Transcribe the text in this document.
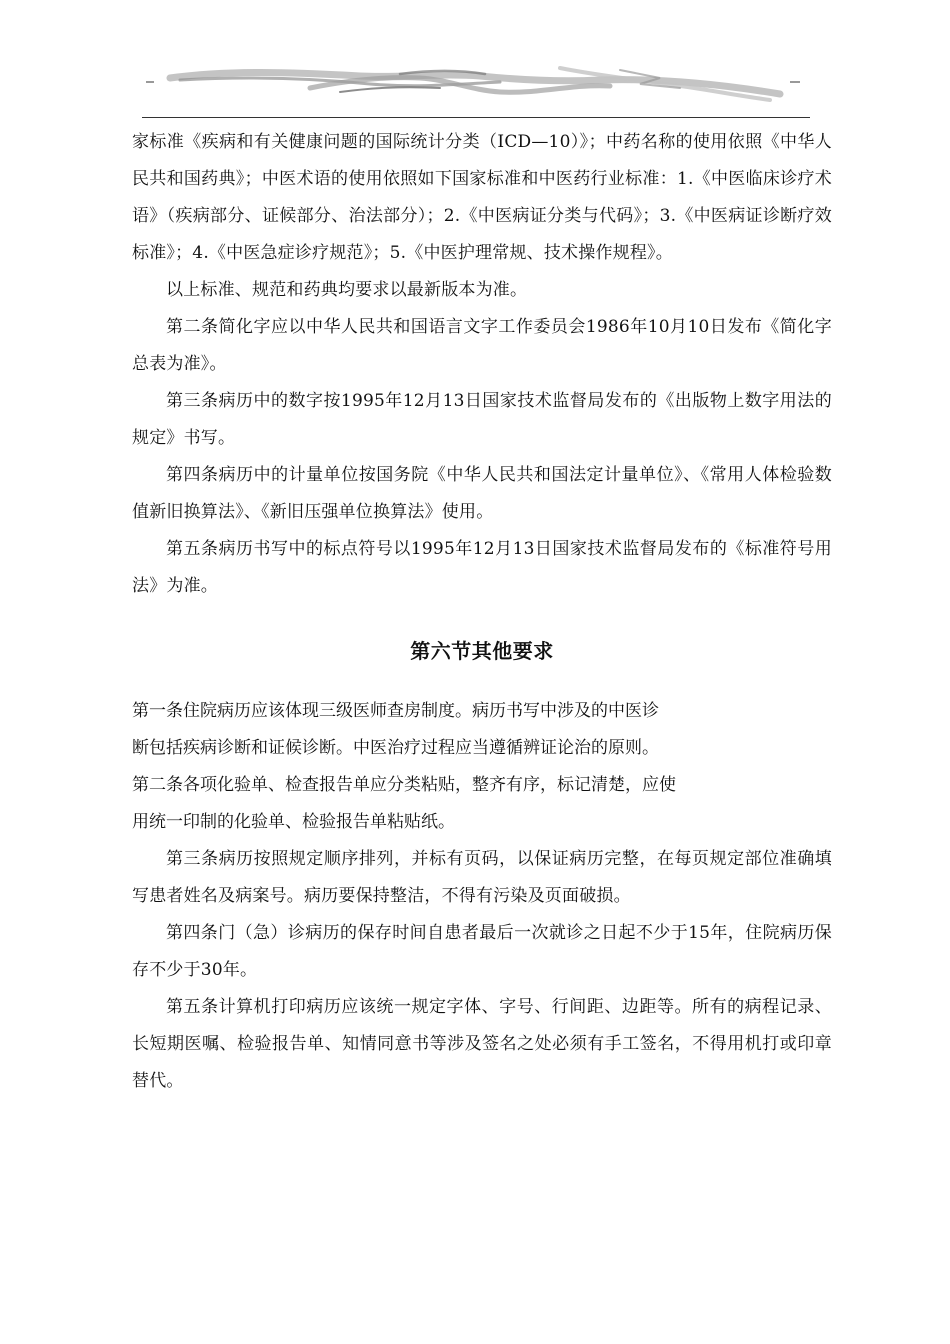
家标准《疾病和有关健康问题的国际统计分类（ICD—10）》；中药名称的使用依照《中华人民共和国药典》；中医术语的使用依照如下国家标准和中医药行业标准：1.《中医临床诊疗术语》（疾病部分、证候部分、治法部分）；2.《中医病证分类与代码》；3.《中医病证诊断疗效标准》；4.《中医急症诊疗规范》；5.《中医护理常规、技术操作规程》。

以上标准、规范和药典均要求以最新版本为准。

第二条简化字应以中华人民共和国语言文字工作委员会1986年10月10日发布《简化字总表为准》。

第三条病历中的数字按1995年12月13日国家技术监督局发布的《出版物上数字用法的规定》书写。

第四条病历中的计量单位按国务院《中华人民共和国法定计量单位》、《常用人体检验数值新旧换算法》、《新旧压强单位换算法》使用。

第五条病历书写中的标点符号以1995年12月13日国家技术监督局发布的《标准符号用法》为准。

第六节其他要求
第一条住院病历应该体现三级医师查房制度。病历书写中涉及的中医诊
断包括疾病诊断和证候诊断。中医治疗过程应当遵循辨证论治的原则。
第二条各项化验单、检查报告单应分类粘贴，整齐有序，标记清楚，应使
用统一印制的化验单、检验报告单粘贴纸。

第三条病历按照规定顺序排列，并标有页码，以保证病历完整，在每页规定部位准确填写患者姓名及病案号。病历要保持整洁，不得有污染及页面破损。

第四条门（急）诊病历的保存时间自患者最后一次就诊之日起不少于15年，住院病历保存不少于30年。

第五条计算机打印病历应该统一规定字体、字号、行间距、边距等。所有的病程记录、长短期医嘱、检验报告单、知情同意书等涉及签名之处必须有手工签名，不得用机打或印章替代。
